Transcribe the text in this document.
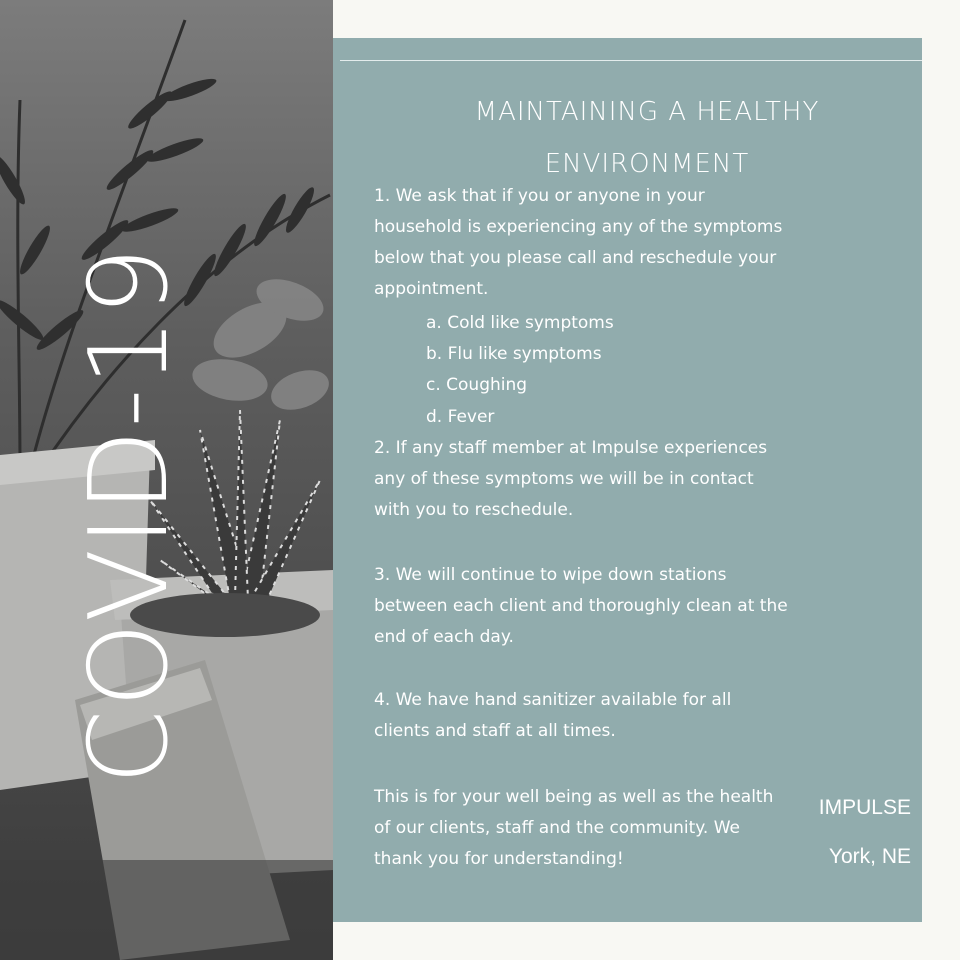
COVID-19
MAINTAINING A HEALTHY
ENVIRONMENT
1. We ask that if you or anyone in your household is experiencing any of the symptoms below that you please call and reschedule your appointment.
a. Cold like symptoms
b. Flu like symptoms
c. Coughing
d. Fever
2. If any staff member at Impulse experiences any of these symptoms we will be in contact with you to reschedule.
3. We will continue to wipe down stations between each client and thoroughly clean at the end of each day.
4. We have hand sanitizer available for all clients and staff at all times.
This is for your well being as well as the health of our clients, staff and the community. We thank you for understanding!
IMPULSE
York, NE
